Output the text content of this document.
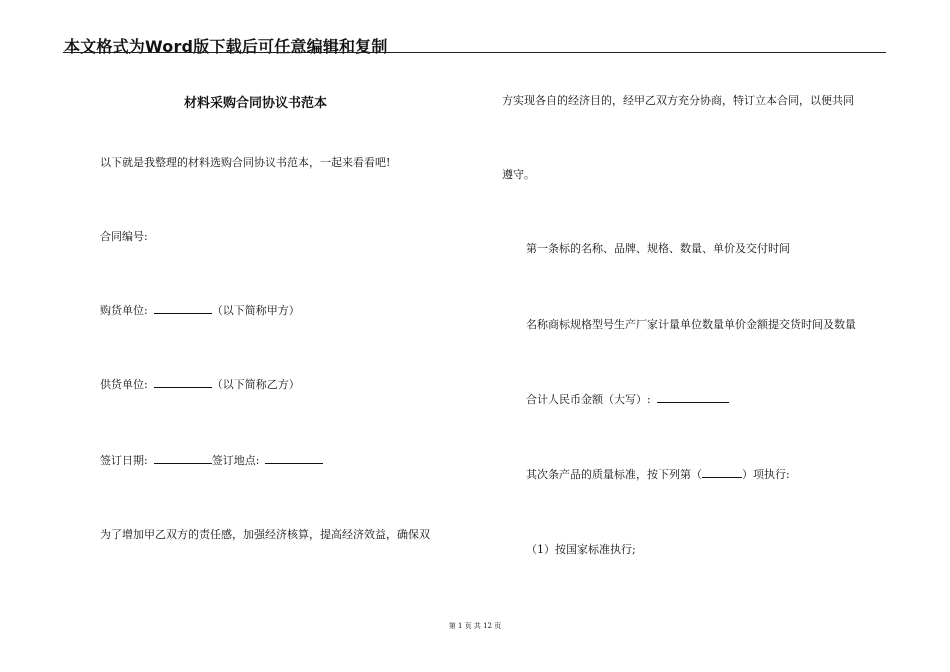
本文格式为Word版下载后可任意编辑和复制
材料采购合同协议书范本
以下就是我整理的材料选购合同协议书范本，一起来看看吧!
合同编号:
购货单位:	（以下简称甲方）
供货单位:	（以下简称乙方）
签订日期:	签订地点:
为了增加甲乙双方的责任感，加强经济核算，提高经济效益，确保双
方实现各自的经济目的，经甲乙双方充分协商，特订立本合同，以便共同
遵守。
第一条标的名称、品牌、规格、数量、单价及交付时间
名称商标规格型号生产厂家计量单位数量单价金额提交货时间及数量
合计人民币金额（大写）:
其次条产品的质量标准，按下列第（	）项执行:
（1）按国家标准执行;
第 1 页 共 12 页
